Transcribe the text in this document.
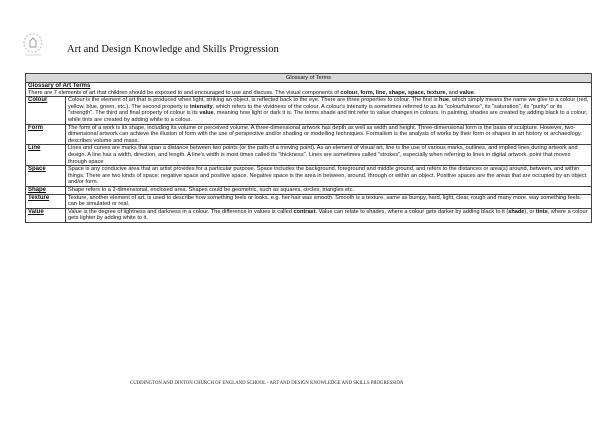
Art and Design Knowledge and Skills Progression
Glossary of Terms	

Glossary of Art Terms
There are 7 elements of art that children should be exposed to and encouraged to use and discuss. The visual components of colour, form, line, shape, space, texture, and value.	
Colour	Colour is the element of art that is produced when light, striking an object, is reflected back to the eye. There are three properties to colour. The first is hue, which simply means the name we give to a colour (red, yellow, blue, green, etc.). The second property is intensity, which refers to the vividness of the colour. A colour's intensity is sometimes referred to as its "colourfulness", its "saturation", its "purity" or its "strength". The third and final property of colour is its value, meaning how light or dark it is. The terms shade and tint refer to value changes in colours. In painting, shades are created by adding black to a colour, while tints are created by adding white to a colour.
Form	The form of a work is its shape, including its volume or perceived volume. A three-dimensional artwork has depth as well as width and height. Three-dimensional form is the basis of sculpture. However, two-dimensional artwork can achieve the illusion of form with the use of perspective and/or shading or modelling techniques. Formalism is the analysis of works by their form or shapes in art history or archaeology. describes volume and mass.
Line	Lines and curves are marks that span a distance between two points (or the path of a moving point). As an element of visual art, line is the use of various marks, outlines, and implied lines during artwork and design. A line has a width, direction, and length. A line's width is most times called its "thickness". Lines are sometimes called "strokes", especially when referring to lines in digital artwork. point that moves through space
Space	Space is any conducive area that an artist provides for a particular purpose. Space includes the background, foreground and middle ground, and refers to the distances or area(s) around, between, and within things. There are two kinds of space: negative space and positive space. Negative space is the area in between, around, through or within an object. Positive spaces are the areas that are occupied by an object and/or form.
Shape	Shape refers to a 2-dimensional, enclosed area. Shapes could be geometric, such as squares, circles, triangles etc.
Texture	Texture, another element of art, is used to describe how something feels or looks. e.g. her hair was smooth. Smooth is a texture, same as bumpy, hard, light, clear, rough and many more. way something feels. can be simulated or real.
Value	Value is the degree of lightness and darkness in a colour. The difference in values is called contrast. Value can relate to shades, where a colour gets darker by adding black to it (shade), or tints, where a colour gets lighter by adding white to it.
CUDDINGTON AND DINTON CHURCH OF ENGLAND SCHOOL - ART AND DESIGN KNOWLEDGE AND SKILLS PROGRESSION
